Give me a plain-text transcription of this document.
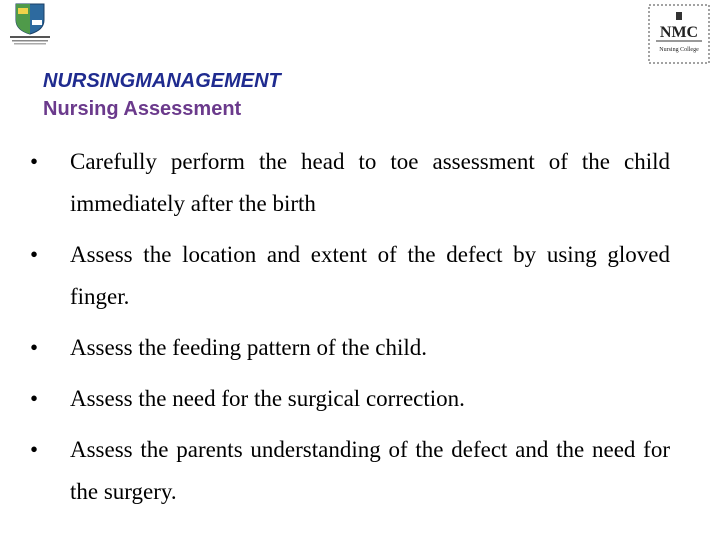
NMC
Nursing College
NURSINGMANAGEMENT
Nursing Assessment
• Carefully perform the head to toe assessment of the child immediately after the birth
• Assess the location and extent of the defect by using gloved finger.
• Assess the feeding pattern of the child.
• Assess the need for the surgical correction.
• Assess the parents understanding of the defect and the need for the surgery.
